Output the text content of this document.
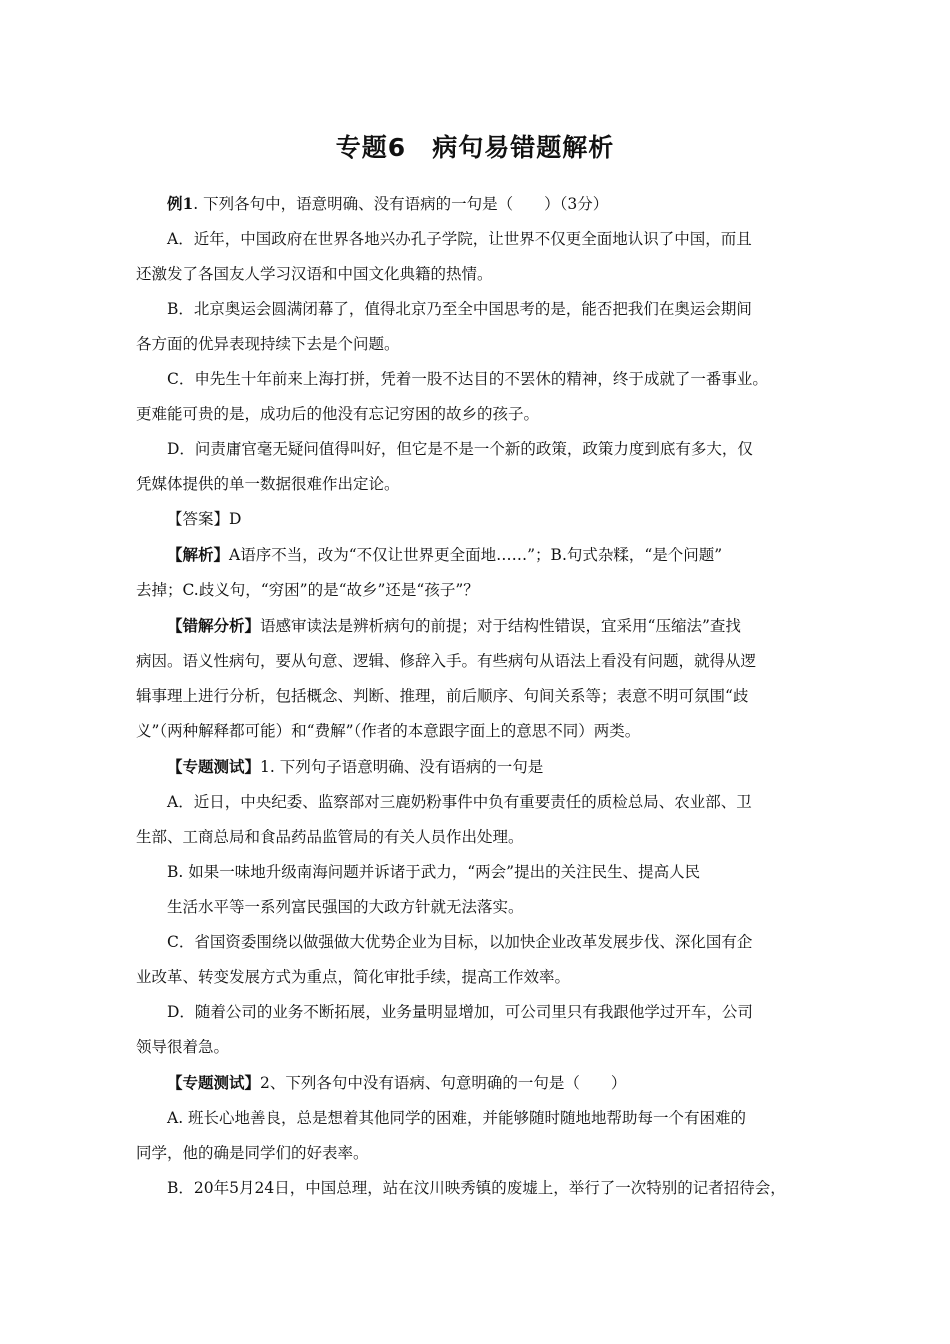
专题6　病句易错题解析

例1. 下列各句中，语意明确、没有语病的一句是（　　）（3分）

A．近年，中国政府在世界各地兴办孔子学院，让世界不仅更全面地认识了中国，而且

还激发了各国友人学习汉语和中国文化典籍的热情。

B．北京奥运会圆满闭幕了，值得北京乃至全中国思考的是，能否把我们在奥运会期间

各方面的优异表现持续下去是个问题。

C．申先生十年前来上海打拼，凭着一股不达目的不罢休的精神，终于成就了一番事业。

更难能可贵的是，成功后的他没有忘记穷困的故乡的孩子。

D．问责庸官毫无疑问值得叫好，但它是不是一个新的政策，政策力度到底有多大，仅

凭媒体提供的单一数据很难作出定论。

【答案】D

【解析】A语序不当，改为“不仅让世界更全面地……”；B.句式杂糅，“是个问题”

去掉；C.歧义句，“穷困”的是“故乡”还是“孩子”？

【错解分析】语感审读法是辨析病句的前提；对于结构性错误，宜采用“压缩法”查找

病因。语义性病句，要从句意、逻辑、修辞入手。有些病句从语法上看没有问题，就得从逻

辑事理上进行分析，包括概念、判断、推理，前后顺序、句间关系等；表意不明可氛围“歧

义”（两种解释都可能）和“费解”（作者的本意跟字面上的意思不同）两类。

【专题测试】1. 下列句子语意明确、没有语病的一句是

A．近日，中央纪委、监察部对三鹿奶粉事件中负有重要责任的质检总局、农业部、卫

生部、工商总局和食品药品监管局的有关人员作出处理。

B. 如果一味地升级南海问题并诉诸于武力，“两会”提出的关注民生、提高人民

生活水平等一系列富民强国的大政方针就无法落实。

C．省国资委围绕以做强做大优势企业为目标，以加快企业改革发展步伐、深化国有企

业改革、转变发展方式为重点，简化审批手续，提高工作效率。

D．随着公司的业务不断拓展，业务量明显增加，可公司里只有我跟他学过开车，公司

领导很着急。

【专题测试】2、下列各句中没有语病、句意明确的一句是（　　）

A. 班长心地善良，总是想着其他同学的困难，并能够随时随地地帮助每一个有困难的

同学，他的确是同学们的好表率。

B．20年5月24日，中国总理，站在汶川映秀镇的废墟上，举行了一次特别的记者招待会，
